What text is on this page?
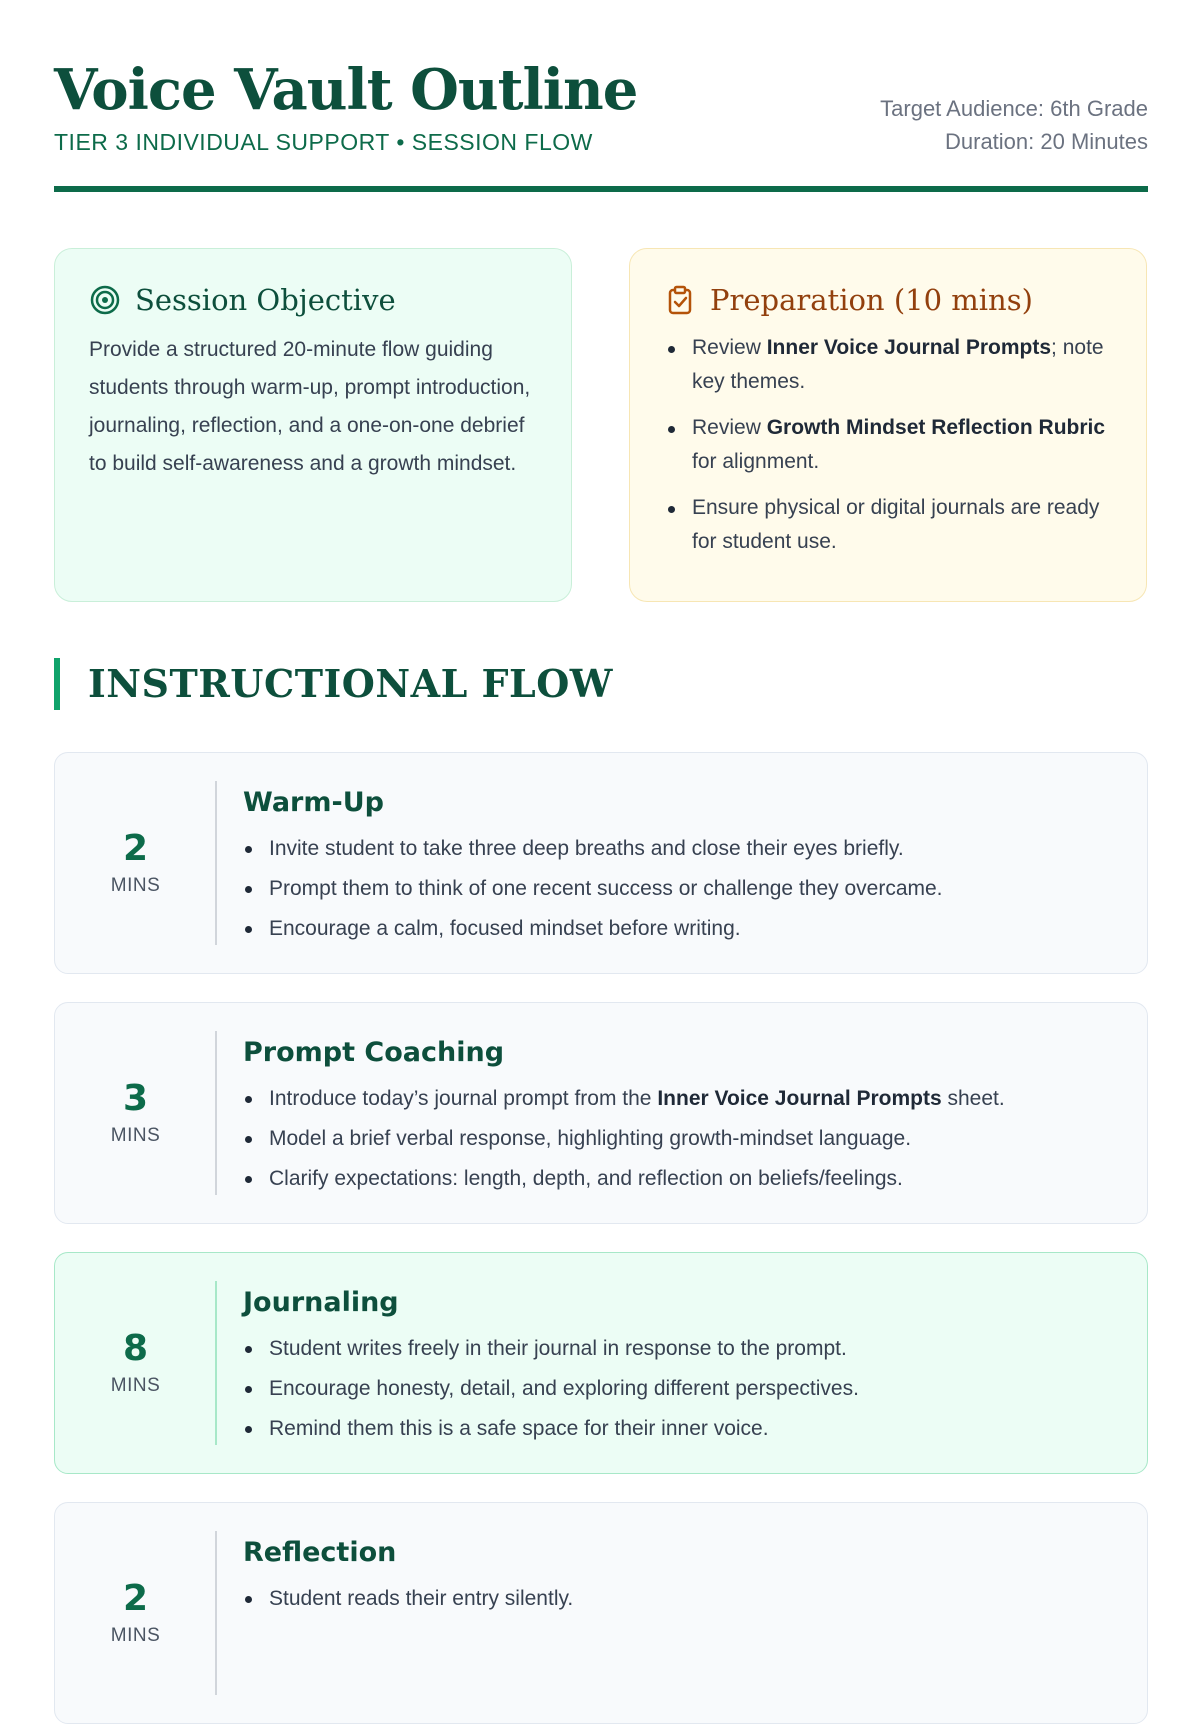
Voice Vault Outline
TIER 3 INDIVIDUAL SUPPORT • SESSION FLOW
Target Audience: 6th Grade
Duration: 20 Minutes
Session Objective
Provide a structured 20-minute flow guiding students through warm-up, prompt introduction, journaling, reflection, and a one-on-one debrief to build self-awareness and a growth mindset.
Preparation (10 mins)
Review Inner Voice Journal Prompts; note key themes.
Review Growth Mindset Reflection Rubric for alignment.
Ensure physical or digital journals are ready for student use.
INSTRUCTIONAL FLOW
2
MINS
Warm-Up
Invite student to take three deep breaths and close their eyes briefly.
Prompt them to think of one recent success or challenge they overcame.
Encourage a calm, focused mindset before writing.
3
MINS
Prompt Coaching
Introduce today’s journal prompt from the Inner Voice Journal Prompts sheet.
Model a brief verbal response, highlighting growth-mindset language.
Clarify expectations: length, depth, and reflection on beliefs/feelings.
8
MINS
Journaling
Student writes freely in their journal in response to the prompt.
Encourage honesty, detail, and exploring different perspectives.
Remind them this is a safe space for their inner voice.
2
MINS
Reflection
Student reads their entry silently.
